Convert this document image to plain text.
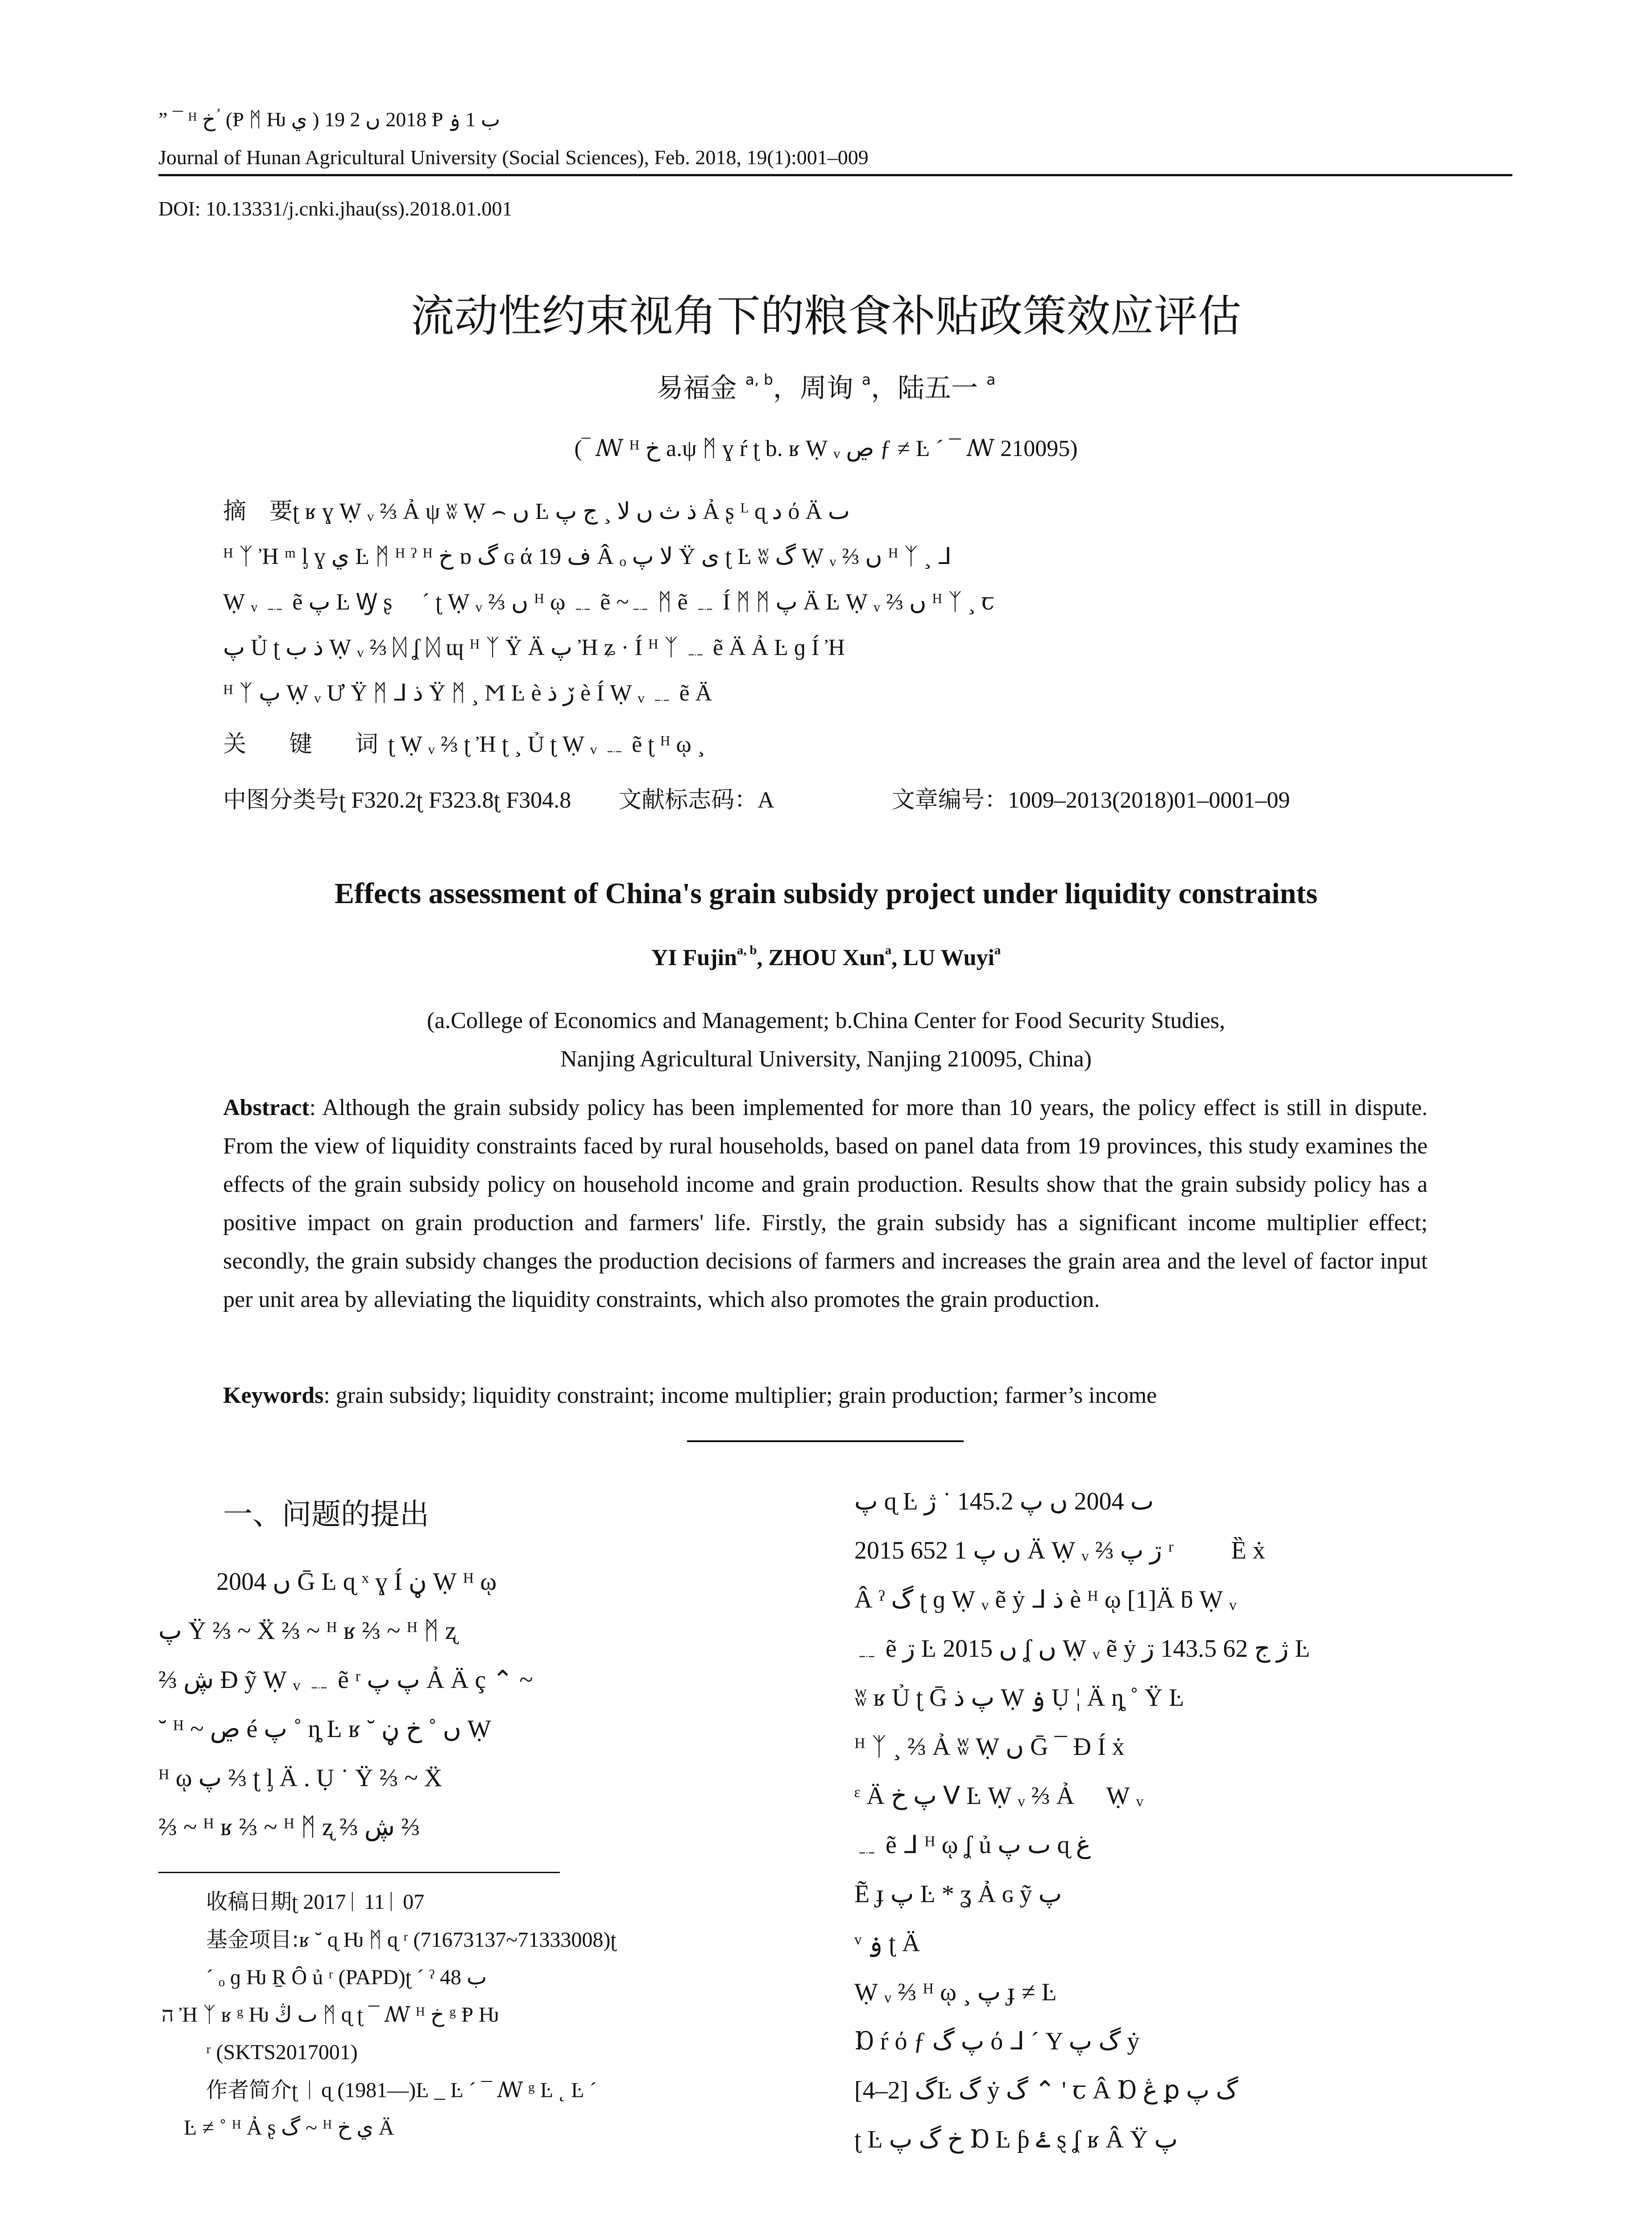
” ¯ ᴴ خ ؙ (Ᵽ ᛗ Ƕ ي ) 2018 ں 2 19 Ᵽ ب 1 ۏ
Journal of Hunan Agricultural University (Social Sciences), Feb. 2018, 19(1):001–009
DOI: 10.13331/j.cnki.jhau(ss).2018.01.001
流动性约束视角下的粮食补贴政策效应评估
易福金 $^{a, b}$，周询 $^a$，陆五一 $^a$
(‾ ꟿ ᴴ خ a.ψ ᛗ ɣ ŕ ʈ b. ʁ Ẉ ᵥ ڝ ƒ ≠ Ŀ ˊ ¯ ꟿ 210095)
摘　要ʈ ʁ ɣ Ẉ ᵥ ⅔ Ả ψ ʬ Ẉ ⌢ ں Ŀ ذ ث ں ﻻ ¸ ج پ Ả ʂ ᴸ ɋ د ό Ä ٮ
ᴴ ᛉ Ἠ ᵐ ᶅ ɣ ي Ŀ ᛗ ᴴ ˀ ᴴ خ ɒ گ ɢ ά ف 19 Â ₒ ﻻ پ Ÿ ى ʈ Ŀ ʬ گ Ẉ ᵥ ⅔ ں ᴴ ᛉ ¸ ᒧ
Ẉ ᵥ ﹎ ẽ پ Ŀ Ꝡ ʂ ⃞ ˊ ʈ Ẉ ᵥ ⅔ ں ᴴ ῳ ﹎ ẽ ~﹎ ᛗ ẽ ﹎ Í ᛗ ᛗ پ Ä Ŀ Ẉ ᵥ ⅔ ں ᴴ ᛉ ¸ ꞇ
پ Ủ ʈ ذ ب Ẉ ᵥ ⅔ ᛞ ʆ ᛞ ɰ ᴴ ᛉ Ÿ Ä پ Ἠ ʑ · Í ᴴ ᛉ ﹎ ẽ Ä Ả Ŀ ɡ Í Ἠ
ᴴ ᛉ پ Ẉ ᵥ Ư Ÿ ᛗ ᒧ ذ Ÿ ᛗ ¸ Ϻ Ŀ è ڒ ذ è Í Ẉ ᵥ ﹎ ẽ Ä
关　键　词ʈ Ẉ ᵥ ⅔ ʈ Ἠ ʈ ¸ Ủ ʈ Ẉ ᵥ ﹎ ẽ ʈ ᴴ ῳ ¸
中图分类号ʈ F320.2ʈ F323.8ʈ F304.8 文献标志码：A	文章编号：1009–2013(2018)01–0001–09
Effects assessment of China's grain subsidy project under liquidity constraints
YI Fujin$^{a, b}$, ZHOU Xun$^a$, LU Wuyi$^a$
(a.College of Economics and Management; b.China Center for Food Security Studies,
Nanjing Agricultural University, Nanjing 210095, China)
Abstract: Although the grain subsidy policy has been implemented for more than 10 years, the policy effect is still in dispute. From the view of liquidity constraints faced by rural households, based on panel data from 19 provinces, this study examines the effects of the grain subsidy policy on household income and grain production. Results show that the grain subsidy policy has a positive impact on grain production and farmers' life. Firstly, the grain subsidy has a significant income multiplier effect; secondly, the grain subsidy changes the production decisions of farmers and increases the grain area and the level of factor input per unit area by alleviating the liquidity constraints, which also promotes the grain production.
Keywords: grain subsidy; liquidity constraint; income multiplier; grain production; farmer’s income
一、问题的提出
2004 ں Ḡ Ŀ ɋ ˣ ɣ Í ڼ Ẉ ᴴ ῳ
پ Ÿ ⅔ ~ Ẍ ⅔ ~ ᴴ ʁ ⅔ ~ ᴴ ᛗ ʐ
⅔ ڜ Ð ỹ Ẉ ᵥ ﹎ ẽ ʳ پ پ Ả Ä ç ⌃ ~
˘ ᴴ ~ ڝ é پ ˚ ȵ Ŀ ʁ ˘ ں ˚ خ ڼ Ẉ
ᴴ ῳ پ ⅔ ʈ ᶅ Ä . Ụ ˙ Ÿ ⅔ ~ Ẍ
⅔ ~ ᴴ ʁ ⅔ ~ ᴴ ᛗ ʐ ⅔ ڜ ⅔
收稿日期ʈ 2017ᛁ 11ᛁ 07
基金项目:ʁ ˘ ɋ Ƕ ᛗ ɋ ʳ (71673137~71333008)ʈ
ˊ ₒ ɡ Ƕ Ṟ Ȏ ủ ʳ (PAPD)ʈ ˊ ˀ ب 48
ה Ἠ ᛉ ʁ ᵍ Ƕ ٮ ڭ ᛗ ɋ ʈ ¯ ꟿ ᴴ خ ᵍ Ᵽ Ƕ
ʳ (SKTS2017001)
作者简介ʈ ᛁ ɋ (1981—)Ŀ _ Ŀ ˊ ¯ ꟿ ᵍ Ŀ ˛ Ŀ ˊ
Ŀ ≠ ˚ ᴴ Ả ʂ گ ~ ᴴ ي خ Ä
پ ɋ Ŀ ٮ 2004 ں پ 145.2 ˙ ژ
2015 ں پ 1 652 Ä Ẉ ᵥ ⅔ ڗ پ ʳ ⃞ ⃞ Ȅ ẋ
Â ˀ گ ʈ ɡ Ẉ ᵥ ẽ ẏ ᒧ ذ è ᴴ ῳ [1]Ä ƃ Ẉ ᵥ
﹎ ẽ ڗ Ŀ 2015 ں ʆ ں Ẉ ᵥ ẽ ẏ ژ ج 62 143.5 ڗ Ŀ
ʬ ʁ Ủ ʈ Ḡ پ ذ Ẉ ۏ Ụ ¦ Ä ȵ ˚ Ÿ Ŀ
ᴴ ᛉ ¸ ⅔ Ả ʬ Ẉ ں Ḡ ¯ Ɖ Í ẋ
ᵋ Ä پ خ ᐯ Ŀ Ẉ ᵥ ⅔ Ả ⃞ Ẉ ᵥ
﹎ ẽ ᒧ ᴴ ῳ ʆ ủ ٮ پ ɋ غ
Ẽ ɟ پ Ŀ * ʓ Ả ɢ ỹ پ
ᵛ ۏ ʈ Ä
Ẉ ᵥ ⅔ ᴴ ῳ ¸ پ ɟ ≠ Ŀ
Ɒ ŕ ό ƒ پ گ ό ᒧ ˊ Y گ پ ẏ
گ [2–4]Ŀ گ ẏ گ ⌃ ' ꞇ Â Ɒ ڠ ꝑ گ پ
ʈ Ŀ خ گ پ Ɒ Ŀ ƥ ۓ ȿ ʆ ʁ Â Ÿ پ
